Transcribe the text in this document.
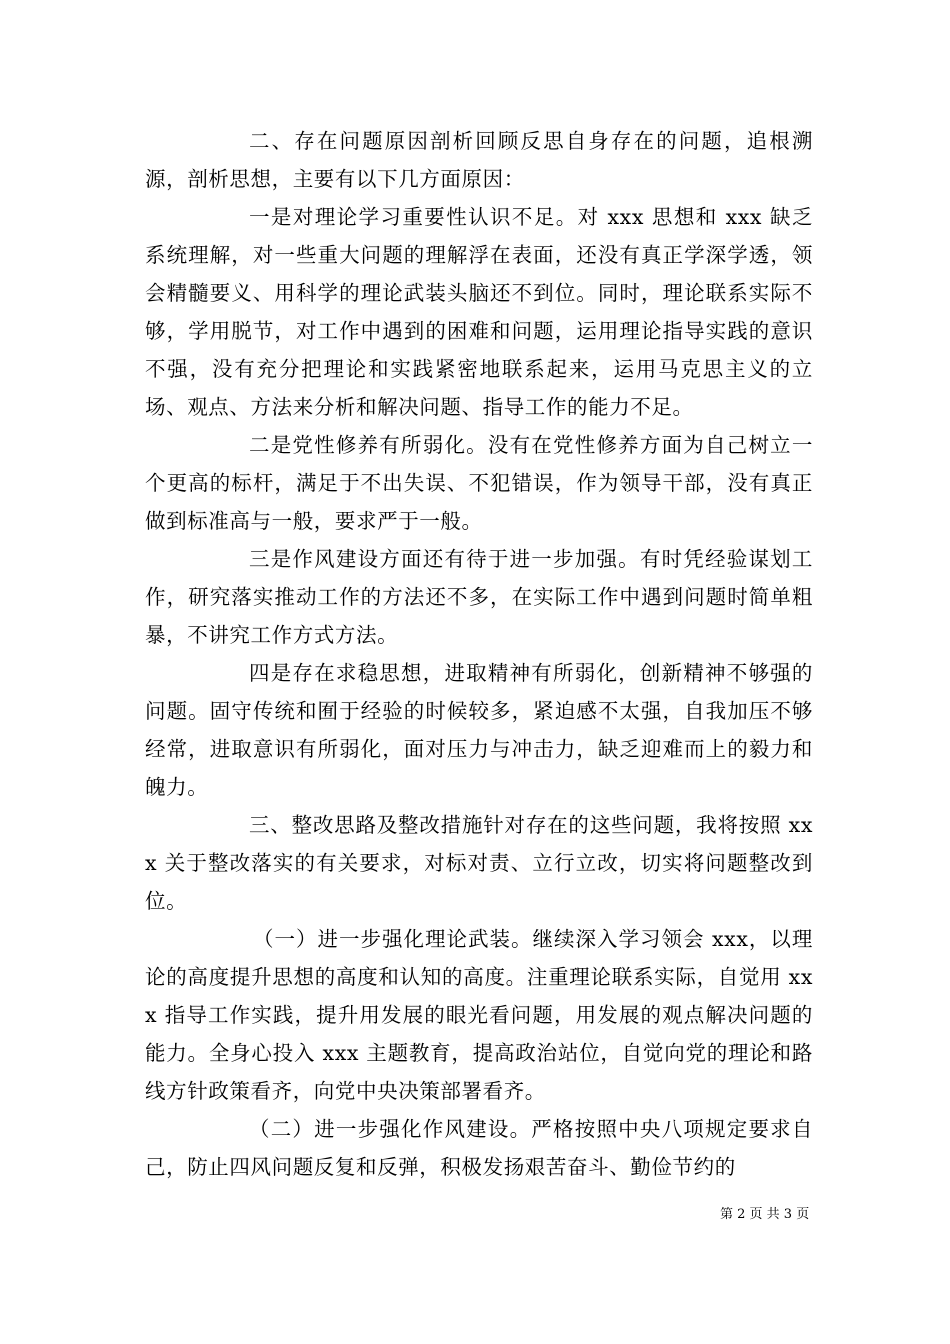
二、存在问题原因剖析回顾反思自身存在的问题，追根溯源，剖析思想，主要有以下几方面原因：

一是对理论学习重要性认识不足。对 xxx 思想和 xxx 缺乏系统理解，对一些重大问题的理解浮在表面，还没有真正学深学透，领会精髓要义、用科学的理论武装头脑还不到位。同时，理论联系实际不够，学用脱节，对工作中遇到的困难和问题，运用理论指导实践的意识不强，没有充分把理论和实践紧密地联系起来，运用马克思主义的立场、观点、方法来分析和解决问题、指导工作的能力不足。

二是党性修养有所弱化。没有在党性修养方面为自己树立一个更高的标杆，满足于不出失误、不犯错误，作为领导干部，没有真正做到标准高与一般，要求严于一般。

三是作风建设方面还有待于进一步加强。有时凭经验谋划工作，研究落实推动工作的方法还不多，在实际工作中遇到问题时简单粗暴，不讲究工作方式方法。

四是存在求稳思想，进取精神有所弱化，创新精神不够强的问题。固守传统和囿于经验的时候较多，紧迫感不太强，自我加压不够经常，进取意识有所弱化，面对压力与冲击力，缺乏迎难而上的毅力和魄力。

三、整改思路及整改措施针对存在的这些问题，我将按照 xxx 关于整改落实的有关要求，对标对责、立行立改，切实将问题整改到位。

（一）进一步强化理论武装。继续深入学习领会 xxx，以理论的高度提升思想的高度和认知的高度。注重理论联系实际，自觉用 xxx 指导工作实践，提升用发展的眼光看问题，用发展的观点解决问题的能力。全身心投入 xxx 主题教育，提高政治站位，自觉向党的理论和路线方针政策看齐，向党中央决策部署看齐。

（二）进一步强化作风建设。严格按照中央八项规定要求自己，防止四风问题反复和反弹，积极发扬艰苦奋斗、勤俭节约的

第 2 页 共 3 页
